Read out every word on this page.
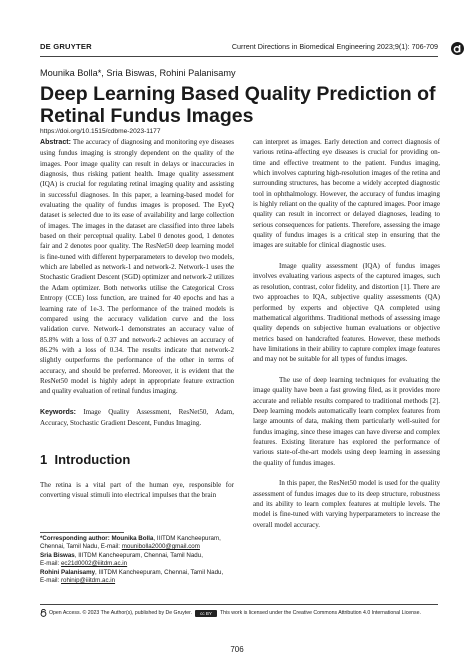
DE GRUYTER	Current Directions in Biomedical Engineering 2023;9(1): 706-709
Mounika Bolla*, Sria Biswas, Rohini Palanisamy
Deep Learning Based Quality Prediction of
Retinal Fundus Images
https://doi.org/10.1515/cdbme-2023-1177

Abstract: The accuracy of diagnosing and monitoring eye diseases using fundus imaging is strongly dependent on the quality of the images. Poor image quality can result in delays or inaccuracies in diagnosis, thus risking patient health. Image quality assessment (IQA) is crucial for regulating retinal imaging quality and assisting in successful diagnoses. In this paper, a learning-based model for evaluating the quality of fundus images is proposed. The EyeQ dataset is selected due to its ease of availability and large collection of images. The images in the dataset are classified into three labels based on their perceptual quality. Label 0 denotes good, 1 denotes fair and 2 denotes poor quality. The ResNet50 deep learning model is fine-tuned with different hyperparameters to develop two models, which are labelled as network-1 and network-2. Network-1 uses the Stochastic Gradient Descent (SGD) optimizer and network-2 utilizes the Adam optimizer. Both networks utilise the Categorical Cross Entropy (CCE) loss function, are trained for 40 epochs and has a learning rate of 1e-3. The performance of the trained models is compared using the accuracy validation curve and the loss validation curve. Network-1 demonstrates an accuracy value of 85.8% with a loss of 0.37 and network-2 achieves an accuracy of 86.2% with a loss of 0.34. The results indicate that network-2 slightly outperforms the performance of the other in terms of accuracy, and should be preferred. Moreover, it is evident that the ResNet50 model is highly adept in appropriate feature extraction and quality evaluation of retinal fundus imaging.

Keywords: Image Quality Assessment, ResNet50, Adam, Accuracy, Stochastic Gradient Descent, Fundus Imaging.

1 Introduction

The retina is a vital part of the human eye, responsible for converting visual stimuli into electrical impulses that the brain

can interpret as images. Early detection and correct diagnosis of various retina-affecting eye diseases is crucial for providing on-time and effective treatment to the patient. Fundus imaging, which involves capturing high-resolution images of the retina and surrounding structures, has become a widely accepted diagnostic tool in ophthalmology. However, the accuracy of fundus imaging is highly reliant on the quality of the captured images. Poor image quality can result in incorrect or delayed diagnoses, leading to serious consequences for patients. Therefore, assessing the image quality of fundus images is a critical step in ensuring that the images are suitable for clinical diagnostic uses.

Image quality assessment (IQA) of fundus images involves evaluating various aspects of the captured images, such as resolution, contrast, color fidelity, and distortion [1]. There are two approaches to IQA, subjective quality assessments (QA) performed by experts and objective QA completed using mathematical algorithms. Traditional methods of assessing image quality depends on subjective human evaluations or objective metrics based on handcrafted features. However, these methods have limitations in their ability to capture complex image features and may not be suitable for all types of fundus images.

The use of deep learning techniques for evaluating the image quality have been a fast growing filed, as it provides more accurate and reliable results compared to traditional methods [2]. Deep learning models automatically learn complex features from large amounts of data, making them particularly well-suited for fundus imaging, since these images can have diverse and complex features. Existing literature has explored the performance of various state-of-the-art models using deep learning in assessing the quality of fundus images.

In this paper, the ResNet50 model is used for the quality assessment of fundus images due to its deep structure, robustness and its ability to learn complex features at multiple levels. The model is fine-tuned with varying hyperparameters to increase the overall model accuracy.

*Corresponding author: Mounika Bolla, IIITDM Kancheepuram,
Chennai, Tamil Nadu, E-mail: mounibolla2000@gmail.com
Sria Biswas, IIITDM Kancheepuram, Chennai, Tamil Nadu,
E-mail: ec21d0002@iiitdm.ac.in
Rohini Palanisamy, IIITDM Kancheepuram, Chennai, Tamil Nadu,
E-mail: rohinip@iiitdm.ac.in
Open Access. © 2023 The Author(s), published by De Gruyter.	cc BY	This work is licensed under the Creative Commons Attribution 4.0 International License.
706
